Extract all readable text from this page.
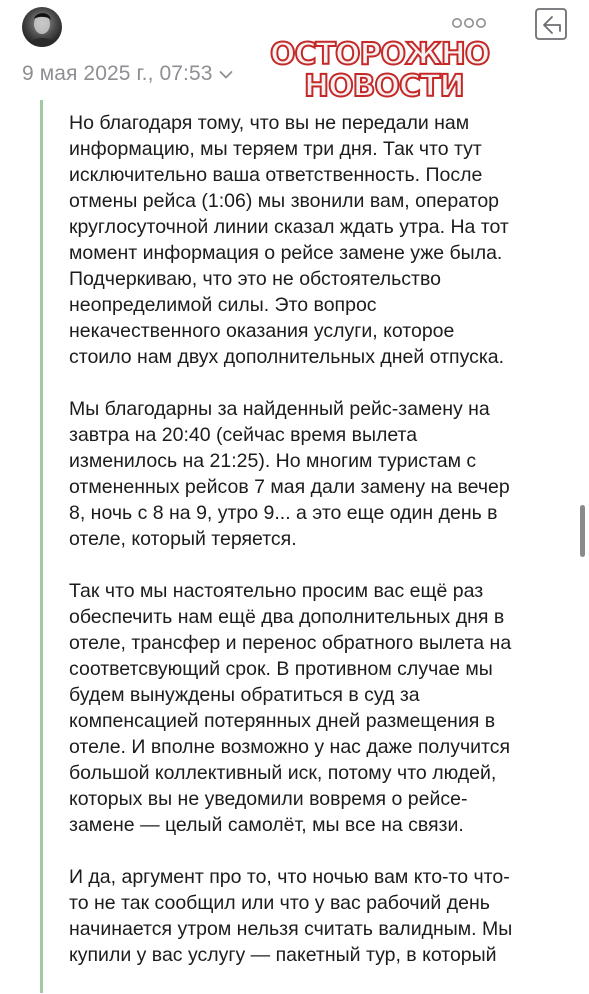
9 мая 2025 г., 07:53
ОСТОРОЖНО
НОВОСТИ

Но благодаря тому, что вы не передали нам
информацию, мы теряем три дня. Так что тут
исключительно ваша ответственность. После
отмены рейса (1:06) мы звонили вам, оператор
круглосуточной линии сказал ждать утра. На тот
момент информация о рейсе замене уже была.
Подчеркиваю, что это не обстоятельство
неопределимой силы. Это вопрос
некачественного оказания услуги, которое
стоило нам двух дополнительных дней отпуска.

Мы благодарны за найденный рейс-замену на
завтра на 20:40 (сейчас время вылета
изменилось на 21:25). Но многим туристам с
отмененных рейсов 7 мая дали замену на вечер
8, ночь с 8 на 9, утро 9... а это еще один день в
отеле, который теряется.

Так что мы настоятельно просим вас ещё раз
обеспечить нам ещё два дополнительных дня в
отеле, трансфер и перенос обратного вылета на
соответсвующий срок. В противном случае мы
будем вынуждены обратиться в суд за
компенсацией потерянных дней размещения в
отеле. И вполне возможно у нас даже получится
большой коллективный иск, потому что людей,
которых вы не уведомили вовремя о рейсе-
замене — целый самолёт, мы все на связи.

И да, аргумент про то, что ночью вам кто-то что-
то не так сообщил или что у вас рабочий день
начинается утром нельзя считать валидным. Мы
купили у вас услугу — пакетный тур, в который
